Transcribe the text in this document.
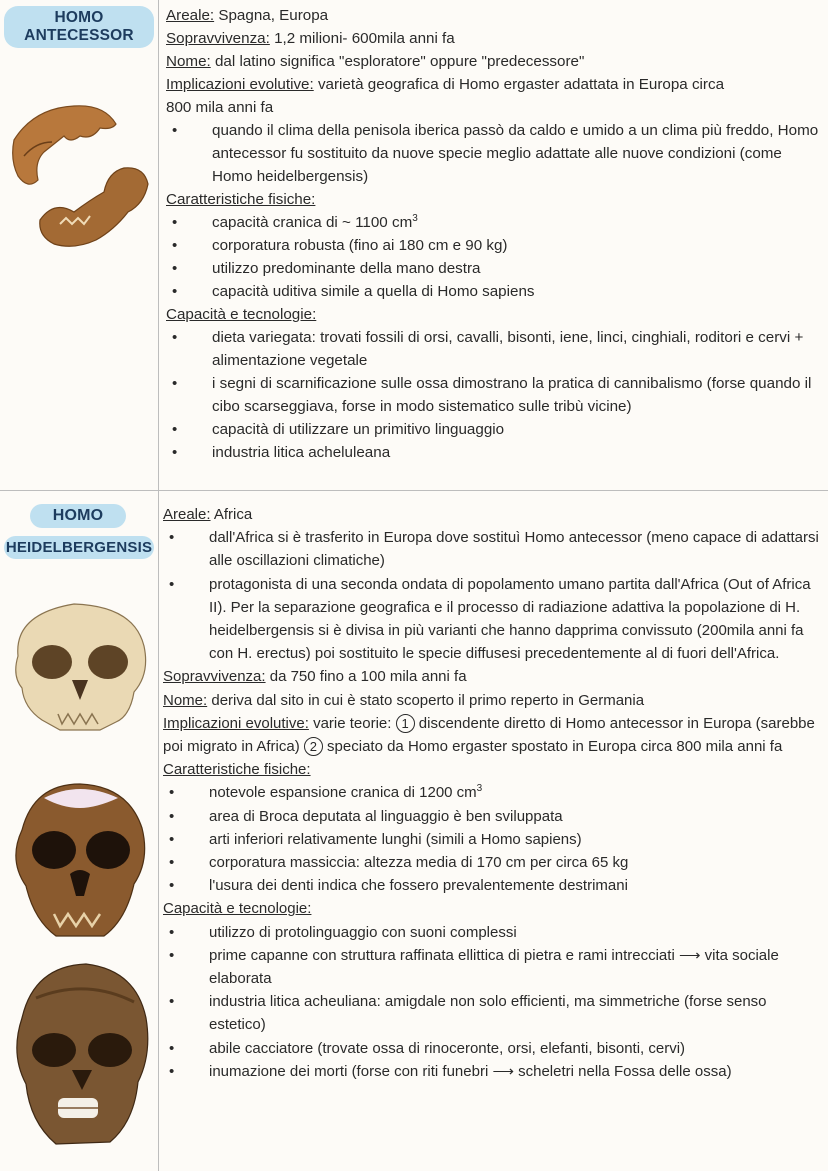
Areale: Spagna, Europa
Sopravvivenza: 1,2 milioni- 600mila anni fa
Nome: dal latino significa "esploratore" oppure "predecessore"
Implicazioni evolutive: varietà geografica di Homo ergaster adattata in Europa circa
800 mila anni fa
• quando il clima della penisola iberica passò da caldo e umido a un clima più freddo, Homo antecessor fu sostituito da nuove specie meglio adattate alle nuove condizioni (come Homo heidelbergensis)
Caratteristiche fisiche:
• capacità cranica di ~ 1100 $cm^3$
• corporatura robusta (fino ai 180 cm e 90 kg)
• utilizzo predominante della mano destra
• capacità uditiva simile a quella di Homo sapiens
Capacità e tecnologie:
• dieta variegata: trovati fossili di orsi, cavalli, bisonti, iene, linci, cinghiali, roditori e cervi + alimentazione vegetale
• i segni di scarnificazione sulle ossa dimostrano la pratica di cannibalismo (forse quando il cibo scarseggiava, forse in modo sistematico sulle tribù vicine)
• capacità di utilizzare un primitivo linguaggio
• industria litica acheluleana
HOMO ANTECESSOR
Areale: Africa
• dall'Africa si è trasferito in Europa dove sostituì Homo antecessor (meno capace di adattarsi alle oscillazioni climatiche)
• protagonista di una seconda ondata di popolamento umano partita dall'Africa (Out of Africa II). Per la separazione geografica e il processo di radiazione adattiva la popolazione di H. heidelbergensis si è divisa in più varianti che hanno dapprima convissuto (200mila anni fa con H. erectus) poi sostituito le specie diffusesi precedentemente al di fuori dell'Africa.
Sopravvivenza: da 750 fino a 100 mila anni fa
Nome: deriva dal sito in cui è stato scoperto il primo reperto in Germania
Implicazioni evolutive: varie teorie: 1 discendente diretto di Homo antecessor in Europa (sarebbe poi migrato in Africa) 2 speciato da Homo ergaster spostato in Europa circa 800 mila anni fa
Caratteristiche fisiche:
• notevole espansione cranica di 1200 $cm^3$
• area di Broca deputata al linguaggio è ben sviluppata
• arti inferiori relativamente lunghi (simili a Homo sapiens)
• corporatura massiccia: altezza media di 170 cm per circa 65 kg
• l'usura dei denti indica che fossero prevalentemente destrimani
Capacità e tecnologie:
• utilizzo di protolinguaggio con suoni complessi
• prime capanne con struttura raffinata ellittica di pietra e rami intrecciati ⟶ vita sociale elaborata
• industria litica acheuliana: amigdale non solo efficienti, ma simmetriche (forse senso estetico)
• abile cacciatore (trovate ossa di rinoceronte, orsi, elefanti, bisonti, cervi)
• inumazione dei morti (forse con riti funebri ⟶ scheletri nella Fossa delle ossa)
HOMO
HEIDELBERGENSIS
